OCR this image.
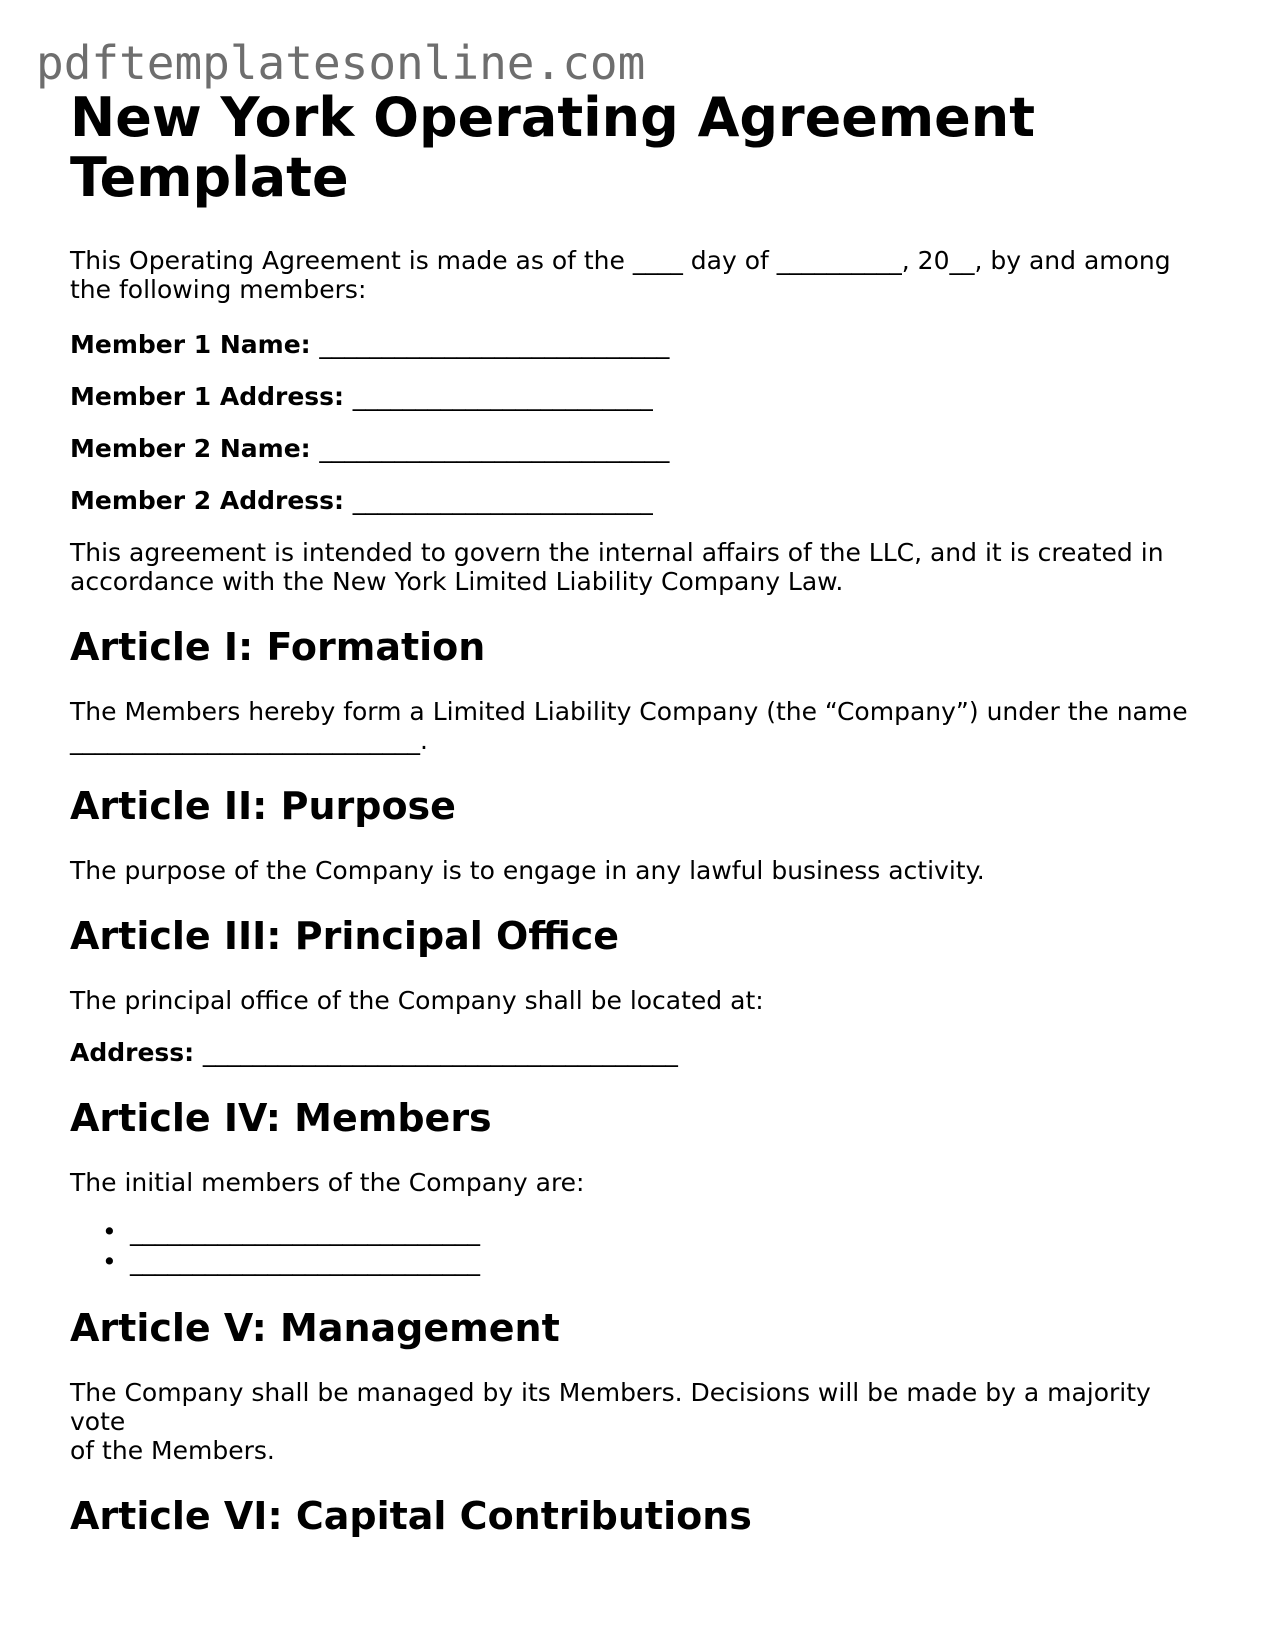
pdftemplatesonline.com
New York Operating Agreement
Template

This Operating Agreement is made as of the ____ day of __________, 20__, by and among
the following members:

Member 1 Name: ____________________________
Member 1 Address: ________________________
Member 2 Name: ____________________________
Member 2 Address: ________________________

This agreement is intended to govern the internal affairs of the LLC, and it is created in
accordance with the New York Limited Liability Company Law.

Article I: Formation

The Members hereby form a Limited Liability Company (the “Company”) under the name
____________________________.

Article II: Purpose

The purpose of the Company is to engage in any lawful business activity.

Article III: Principal Office

The principal office of the Company shall be located at:

Address: ______________________________________
Article IV: Members

The initial members of the Company are:

• ____________________________
• ____________________________
Article V: Management

The Company shall be managed by its Members. Decisions will be made by a majority vote
of the Members.

Article VI: Capital Contributions
